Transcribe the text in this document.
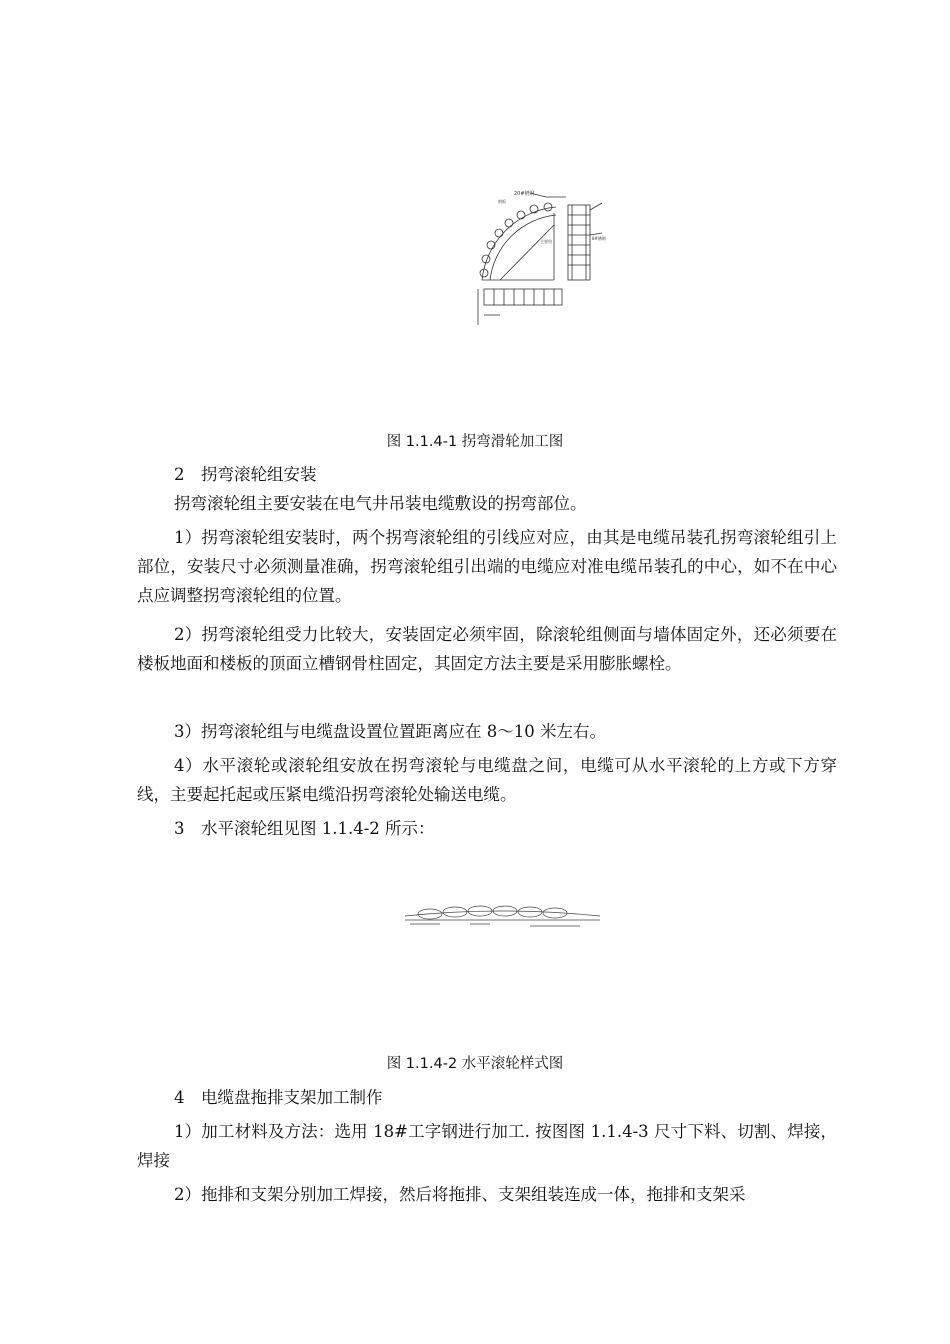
20#槽钢
钢板
8#槽钢
主要用
图 1.1.4-1 拐弯滑轮加工图

2　拐弯滚轮组安装

拐弯滚轮组主要安装在电气井吊装电缆敷设的拐弯部位。

1）拐弯滚轮组安装时，两个拐弯滚轮组的引线应对应，由其是电缆吊装孔拐弯滚轮组引上部位，安装尺寸必须测量准确，拐弯滚轮组引出端的电缆应对准电缆吊装孔的中心，如不在中心点应调整拐弯滚轮组的位置。

2）拐弯滚轮组受力比较大，安装固定必须牢固，除滚轮组侧面与墙体固定外，还必须要在楼板地面和楼板的顶面立槽钢骨柱固定，其固定方法主要是采用膨胀螺栓。

3）拐弯滚轮组与电缆盘设置位置距离应在 8～10 米左右。

4）水平滚轮或滚轮组安放在拐弯滚轮与电缆盘之间，电缆可从水平滚轮的上方或下方穿线，主要起托起或压紧电缆沿拐弯滚轮处输送电缆。

3　水平滚轮组见图 1.1.4-2 所示：

图 1.1.4-2 水平滚轮样式图

4　电缆盘拖排支架加工制作

1）加工材料及方法：选用 18#工字钢进行加工. 按图图 1.1.4-3 尺寸下料、切割、焊接，焊接

2）拖排和支架分别加工焊接，然后将拖排、支架组装连成一体，拖排和支架采
